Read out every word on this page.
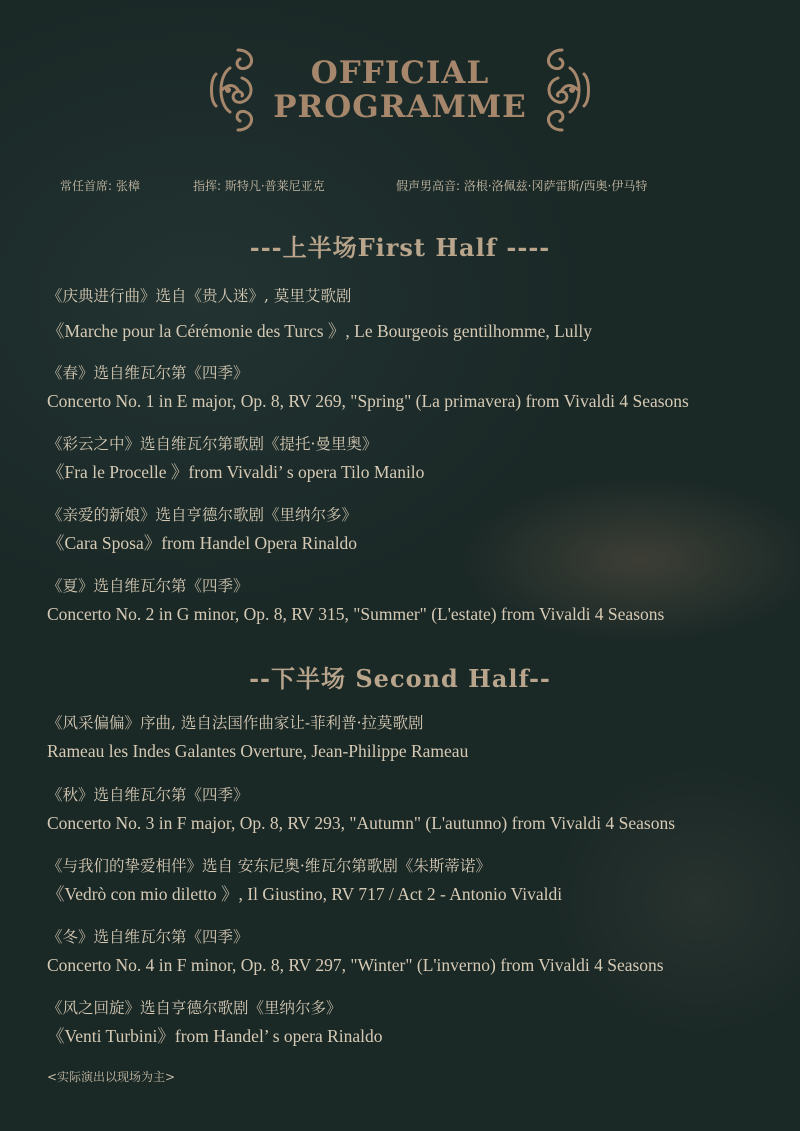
OFFICIAL
PROGRAMME
常任首席: 张樟	指挥: 斯特凡·普莱尼亚克	假声男高音: 洛根·洛佩兹·冈萨雷斯/西奥·伊马特
---上半场First Half ----
《庆典进行曲》选自《贵人迷》, 莫里艾歌剧
《Marche pour la Cérémonie des Turcs 》, Le Bourgeois gentilhomme, Lully
《春》选自维瓦尔第《四季》
Concerto No. 1 in E major, Op. 8, RV 269, "Spring" (La primavera) from Vivaldi 4 Seasons
《彩云之中》选自维瓦尔第歌剧《提托·曼里奥》
《Fra le Procelle 》from Vivaldi’ s opera Tilo Manilo
《亲爱的新娘》选自亨德尔歌剧《里纳尔多》
《Cara Sposa》from Handel Opera Rinaldo
《夏》选自维瓦尔第《四季》
Concerto No. 2 in G minor, Op. 8, RV 315, "Summer" (L'estate) from Vivaldi 4 Seasons
--下半场 Second Half--
《风采偏偏》序曲, 选自法国作曲家让-菲利普·拉莫歌剧
Rameau les Indes Galantes Overture, Jean-Philippe Rameau
《秋》选自维瓦尔第《四季》
Concerto No. 3 in F major, Op. 8, RV 293, "Autumn" (L'autunno) from Vivaldi 4 Seasons
《与我们的挚爱相伴》选自 安东尼奥·维瓦尔第歌剧《朱斯蒂诺》
《Vedrò con mio diletto 》, Il Giustino, RV 717 / Act 2 - Antonio Vivaldi
《冬》选自维瓦尔第《四季》
Concerto No. 4 in F minor, Op. 8, RV 297, "Winter" (L'inverno) from Vivaldi 4 Seasons
《风之回旋》选自亨德尔歌剧《里纳尔多》
《Venti Turbini》from Handel’ s opera Rinaldo
<实际演出以现场为主>
